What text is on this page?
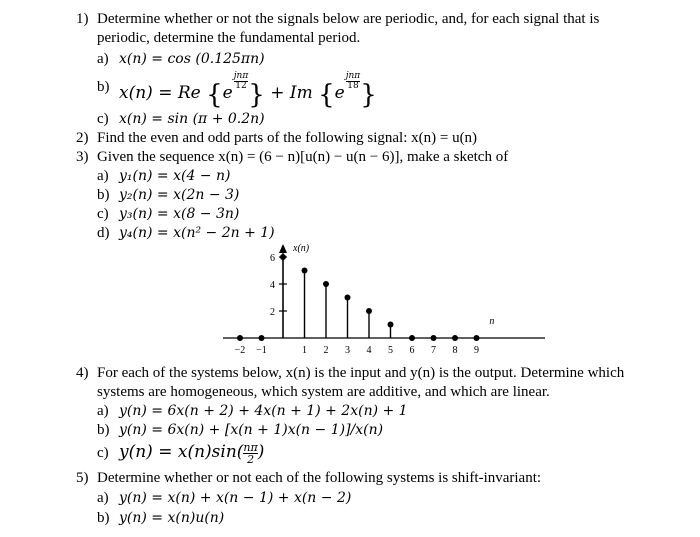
1) Determine whether or not the signals below are periodic, and, for each signal that is
periodic, determine the fundamental period.
a) x(n) = cos (0.125πn)
b) x(n) = Re {e
$\frac{\text{jnπ}}{12}$ } + Im {e
$\frac{\text{jnπ}}{18}$ }
c) x(n) = sin (π + 0.2n)
2) Find the even and odd parts of the following signal: x(n) = u(n)
3) Given the sequence x(n) = (6 − n)[u(n) − u(n − 6)], make a sketch of
a) y₁(n) = x(4 − n)
b) y₂(n) = x(2n − 3)
c) y₃(n) = x(8 − 3n)
d) y₄(n) = x(n² − 2n + 1)
2
4
6
x(n)
n
−2 −1	1 2 3 4 5 6 7 8 9
4) For each of the systems below, x(n) is the input and y(n) is the output. Determine which
systems are homogeneous, which system are additive, and which are linear.
a) y(n) = 6x(n + 2) + 4x(n + 1) + 2x(n) + 1
b) y(n) = 6x(n) + [x(n + 1)x(n − 1)]/x(n)
c) $y(n) = x(n)\sin( \frac{n\pi}{2}$ )
5) Determine whether or not each of the following systems is shift-invariant:
a) y(n) = x(n) + x(n − 1) + x(n − 2)
b) y(n) = x(n)u(n)
